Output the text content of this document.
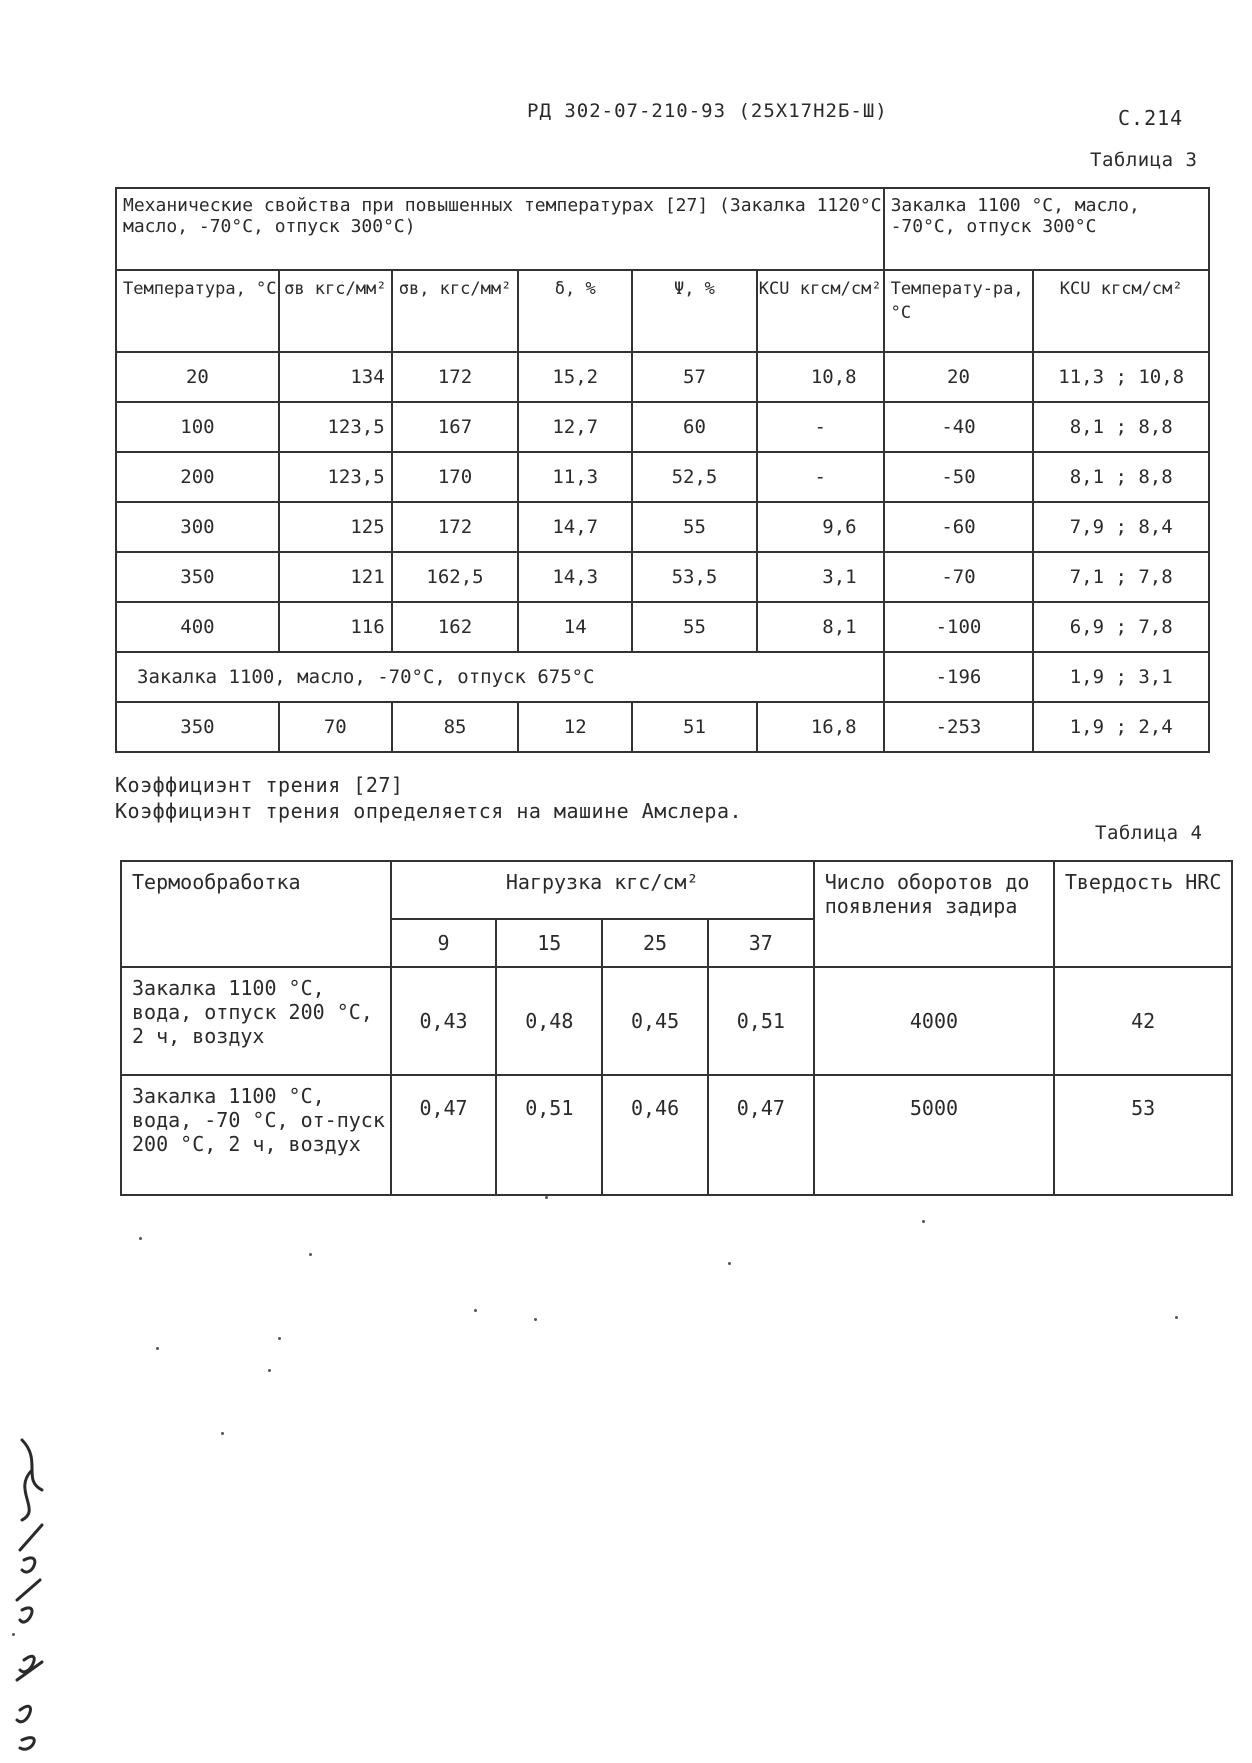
РД 302-07-210-93 (25Х17Н2Б-Ш)	С.214
Таблица 3
Механические свойства при повышенных температурах [27] (Закалка 1120°С масло, -70°С, отпуск 300°С)						Закалка 1100 °С, масло, -70°С, отпуск 300°С	
Температура, °С	σв кгс/мм²	σв, кгс/мм²	δ, %	Ψ, %	KCU кгсм/см²	Температу-ра, °С	KCU кгсм/см²
20	134	172	15,2	57	10,8	20	11,3 ; 10,8
100	123,5	167	12,7	60	-	-40	8,1 ; 8,8
200	123,5	170	11,3	52,5	-	-50	8,1 ; 8,8
300	125	172	14,7	55	9,6	-60	7,9 ; 8,4
350	121	162,5	14,3	53,5	3,1	-70	7,1 ; 7,8
400	116	162	14	55	8,1	-100	6,9 ; 7,8
Закалка 1100, масло, -70°С, отпуск 675°С						-196	1,9 ; 3,1
350	70	85	12	51	16,8	-253	1,9 ; 2,4
Коэффициэнт трения [27]
Коэффициэнт трения определяется на машине Амслера.
Таблица 4
Термообработка	Нагрузка кгс/см²				Число оборотов до появления задира	Твердость HRC
	9	15	25	37		
Закалка 1100 °С, вода, отпуск 200 °С, 2 ч, воздух	0,43	0,48	0,45	0,51	4000	42
Закалка 1100 °С, вода, -70 °С, от-пуск 200 °С, 2 ч, воздух	0,47	0,51	0,46	0,47	5000	53
